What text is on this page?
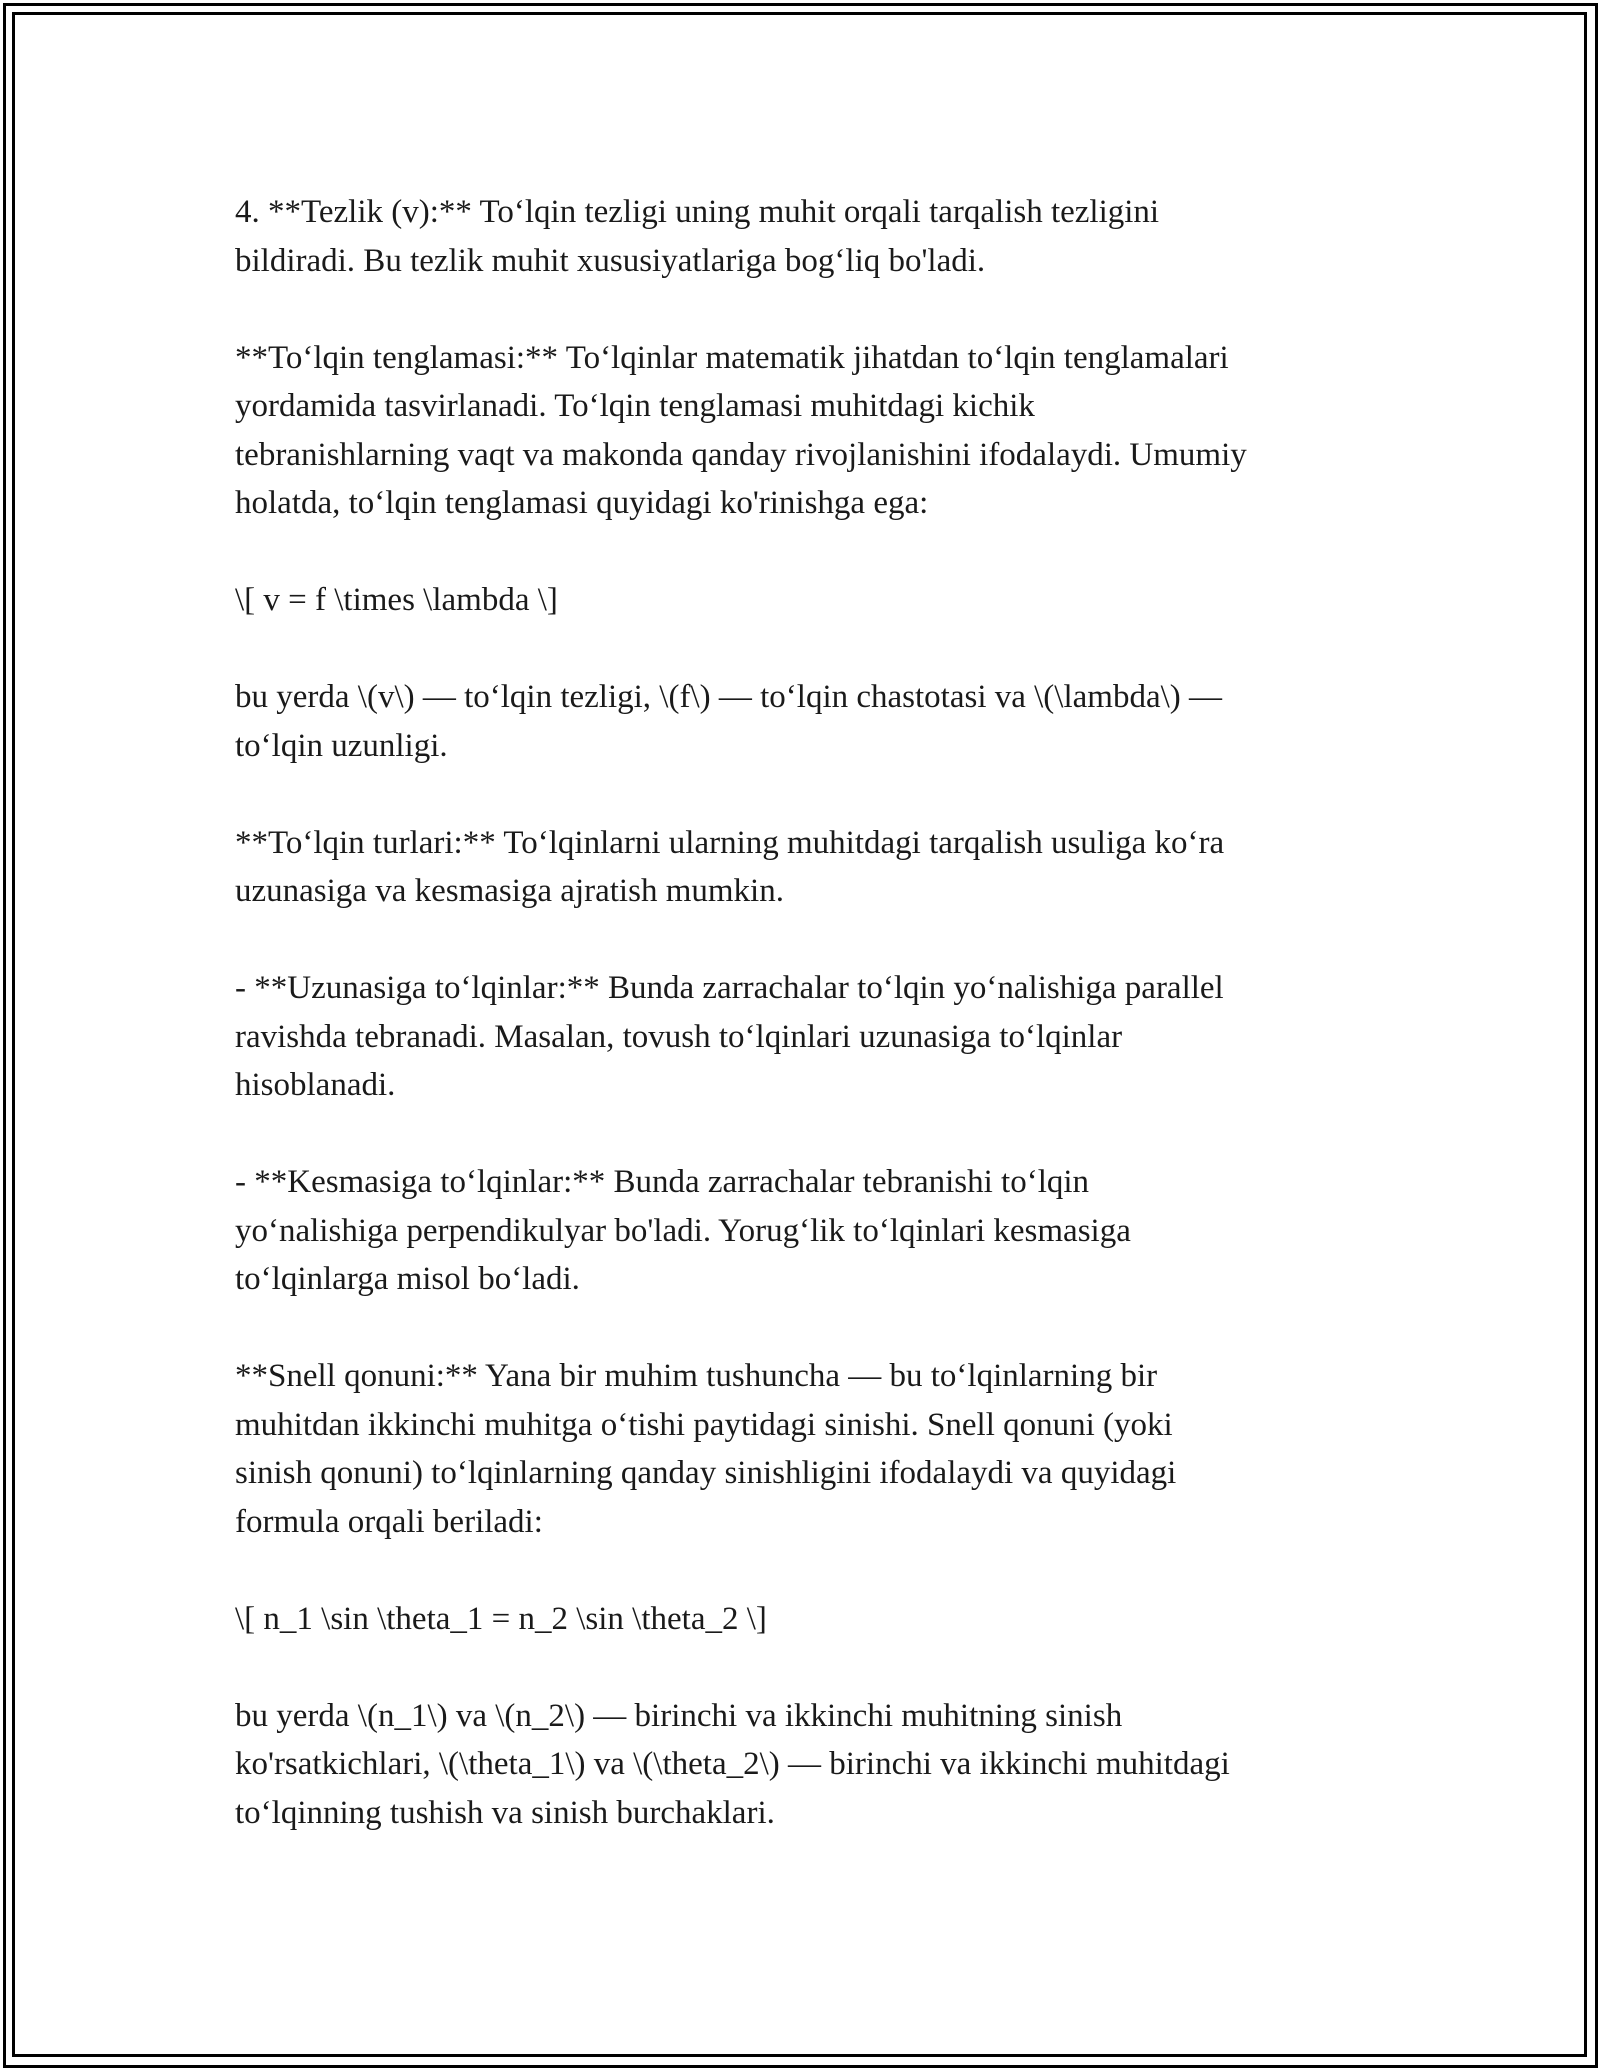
4. **Tezlik (v):** To‘lqin tezligi uning muhit orqali tarqalish tezligini
bildiradi. Bu tezlik muhit xususiyatlariga bog‘liq bo'ladi.

**To‘lqin tenglamasi:** To‘lqinlar matematik jihatdan to‘lqin tenglamalari
yordamida tasvirlanadi. To‘lqin tenglamasi muhitdagi kichik
tebranishlarning vaqt va makonda qanday rivojlanishini ifodalaydi. Umumiy
holatda, to‘lqin tenglamasi quyidagi ko'rinishga ega:

\[ v = f \times \lambda \]

bu yerda \(v\) — to‘lqin tezligi, \(f\) — to‘lqin chastotasi va \(\lambda\) —
to‘lqin uzunligi.

**To‘lqin turlari:** To‘lqinlarni ularning muhitdagi tarqalish usuliga ko‘ra
uzunasiga va kesmasiga ajratish mumkin.

- **Uzunasiga to‘lqinlar:** Bunda zarrachalar to‘lqin yo‘nalishiga parallel
ravishda tebranadi. Masalan, tovush to‘lqinlari uzunasiga to‘lqinlar
hisoblanadi.

- **Kesmasiga to‘lqinlar:** Bunda zarrachalar tebranishi to‘lqin
yo‘nalishiga perpendikulyar bo'ladi. Yorug‘lik to‘lqinlari kesmasiga
to‘lqinlarga misol bo‘ladi.

**Snell qonuni:** Yana bir muhim tushuncha — bu to‘lqinlarning bir
muhitdan ikkinchi muhitga o‘tishi paytidagi sinishi. Snell qonuni (yoki
sinish qonuni) to‘lqinlarning qanday sinishligini ifodalaydi va quyidagi
formula orqali beriladi:

\[ n_1 \sin \theta_1 = n_2 \sin \theta_2 \]

bu yerda \(n_1\) va \(n_2\) — birinchi va ikkinchi muhitning sinish
ko'rsatkichlari, \(\theta_1\) va \(\theta_2\) — birinchi va ikkinchi muhitdagi
to‘lqinning tushish va sinish burchaklari.
